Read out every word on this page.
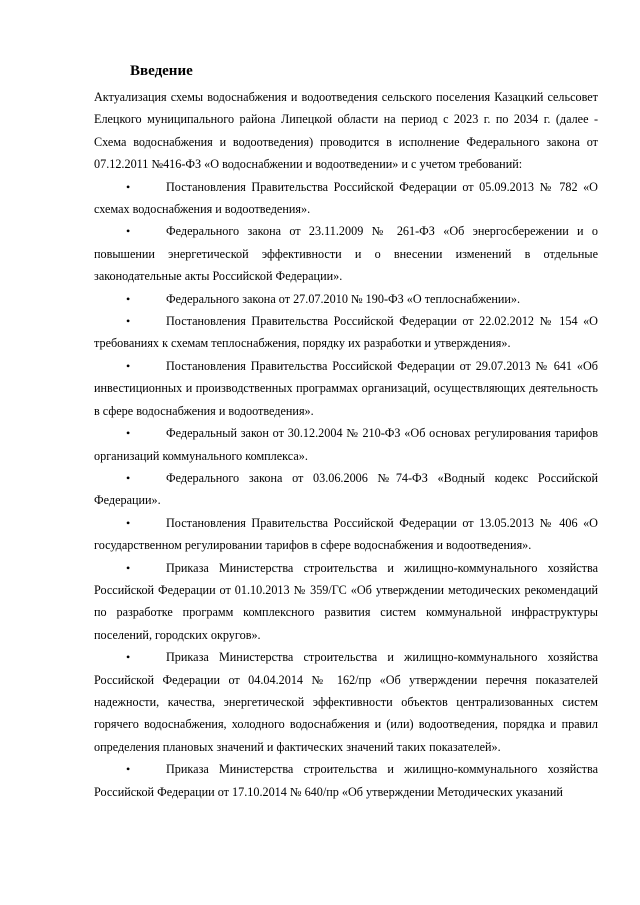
Введение

Актуализация схемы водоснабжения и водоотведения сельского поселения Казацкий сельсовет Елецкого муниципального района Липецкой области на период с 2023 г. по 2034 г. (далее - Схема водоснабжения и водоотведения) проводится в исполнение Федерального закона от 07.12.2011 №416-ФЗ «О водоснабжении и водоотведении» и с учетом требований:

•	Постановления Правительства Российской Федерации от 05.09.2013 № 782 «О схемах водоснабжения и водоотведения».

•	Федерального закона от 23.11.2009 № 261-ФЗ «Об энергосбережении и о повышении энергетической эффективности и о внесении изменений в отдельные законодательные акты Российской Федерации».

•	Федерального закона от 27.07.2010 № 190-ФЗ «О теплоснабжении».

•	Постановления Правительства Российской Федерации от 22.02.2012 № 154 «О требованиях к схемам теплоснабжения, порядку их разработки и утверждения».

•	Постановления Правительства Российской Федерации от 29.07.2013 № 641 «Об инвестиционных и производственных программах организаций, осуществляющих деятельность в сфере водоснабжения и водоотведения».

•	Федеральный закон от 30.12.2004 № 210-ФЗ «Об основах регулирования тарифов организаций коммунального комплекса».

•	Федерального закона от 03.06.2006 №74-ФЗ «Водный кодекс Российской Федерации».

•	Постановления Правительства Российской Федерации от 13.05.2013 № 406 «О государственном регулировании тарифов в сфере водоснабжения и водоотведения».

•	Приказа Министерства строительства и жилищно-коммунального хозяйства Российской Федерации от 01.10.2013 № 359/ГС «Об утверждении методических рекомендаций по разработке программ комплексного развития систем коммунальной инфраструктуры поселений, городских округов».

•	Приказа Министерства строительства и жилищно-коммунального хозяйства Российской Федерации от 04.04.2014 № 162/пр «Об утверждении перечня показателей надежности, качества, энергетической эффективности объектов централизованных систем горячего водоснабжения, холодного водоснабжения и (или) водоотведения, порядка и правил определения плановых значений и фактических значений таких показателей».

•	Приказа Министерства строительства и жилищно-коммунального хозяйства Российской Федерации от 17.10.2014 № 640/пр «Об утверждении Методических указаний
